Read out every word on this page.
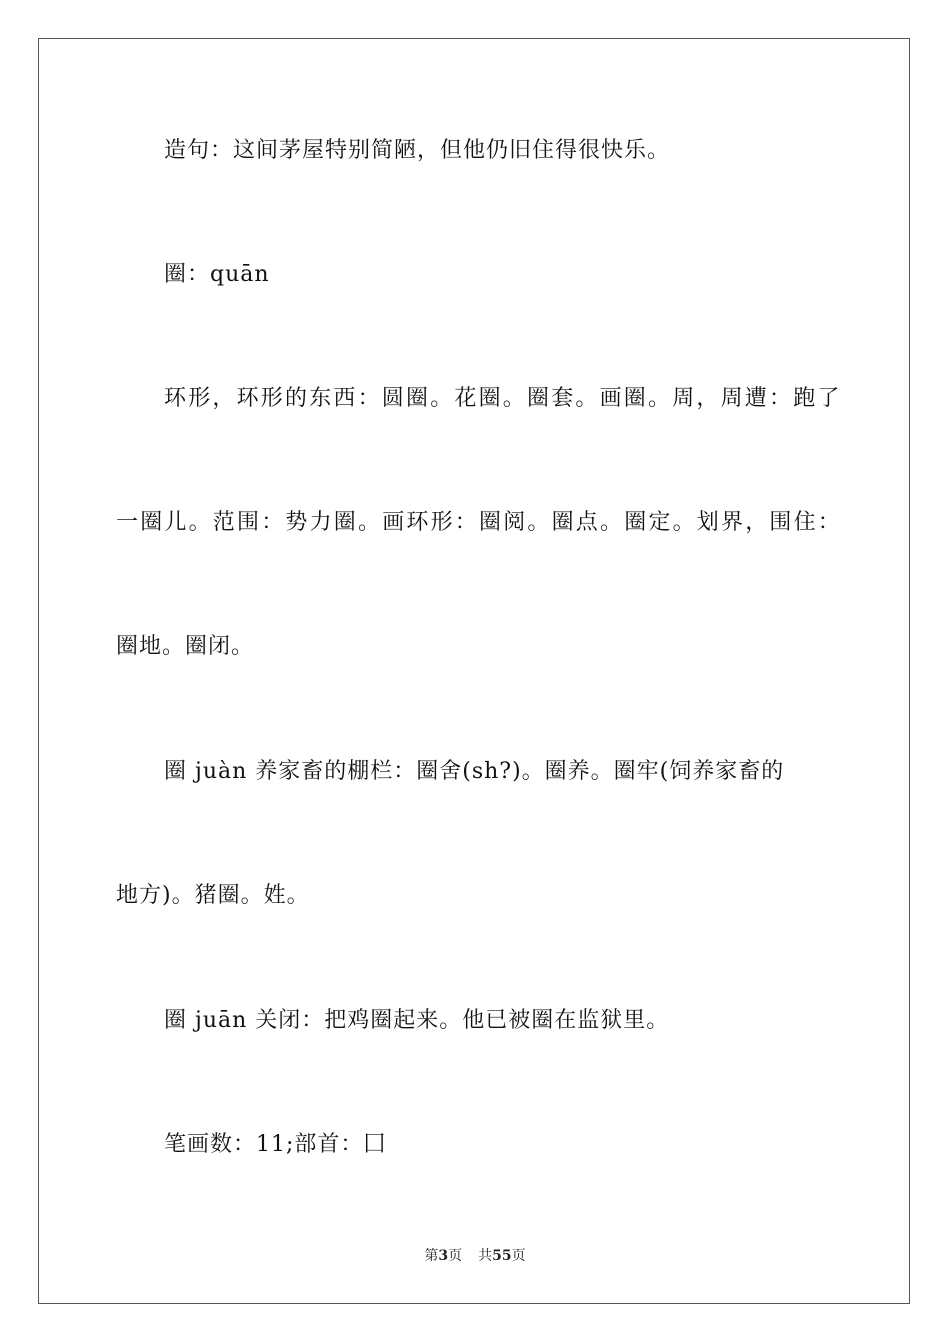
造句：这间茅屋特别简陋，但他仍旧住得很快乐。
圈：quān
环形，环形的东西：圆圈。花圈。圈套。画圈。周，周遭：跑了
一圈儿。范围：势力圈。画环形：圈阅。圈点。圈定。划界，围住：
圈地。圈闭。
圈 juàn 养家畜的棚栏：圈舍(sh?)。圈养。圈牢(饲养家畜的
地方)。猪圈。姓。
圈 juān 关闭：把鸡圈起来。他已被圈在监狱里。
笔画数：11;部首：囗
第3页 共55页
